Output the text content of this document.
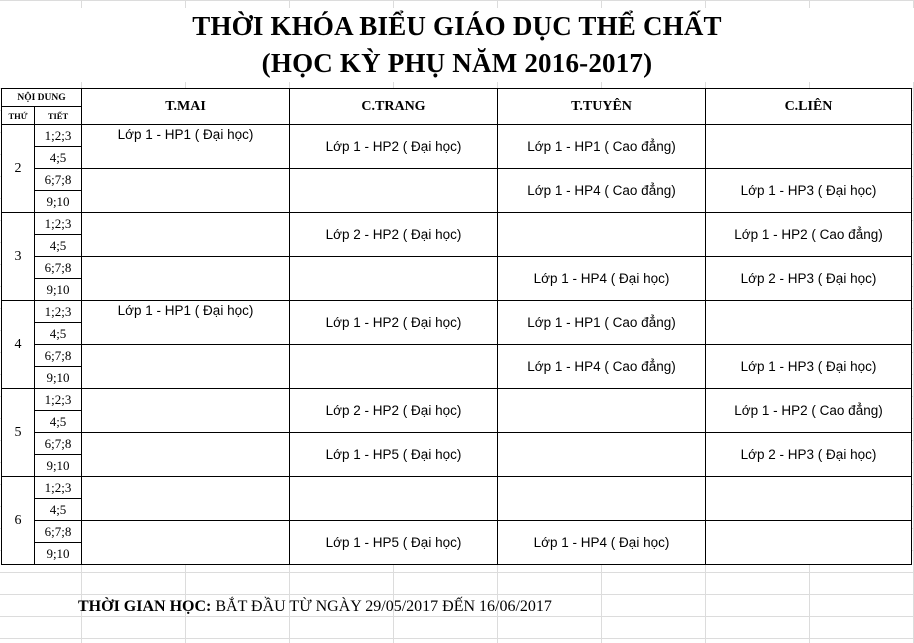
THỜI KHÓA BIỂU GIÁO DỤC THỂ CHẤT
(HỌC KỲ PHỤ NĂM 2016-2017)
NỘI DUNG		T.MAI	C.TRANG	T.TUYÊN	C.LIÊN
THỨ	TIẾT				
2	1;2;3	Lớp 1 - HP1 ( Đại học)	Lớp 1 - HP2 ( Đại học)	Lớp 1 - HP1 ( Cao đẳng)	
	4;5				
	6;7;8			Lớp 1 - HP4 ( Cao đẳng)	Lớp 1 - HP3 ( Đại học)
	9;10				
3	1;2;3		Lớp 2 - HP2 ( Đại học)		Lớp 1 - HP2 ( Cao đẳng)
	4;5				
	6;7;8			Lớp 1 - HP4 ( Đại học)	Lớp 2 - HP3 ( Đại học)
	9;10				
4	1;2;3	Lớp 1 - HP1 ( Đại học)	Lớp 1 - HP2 ( Đại học)	Lớp 1 - HP1 ( Cao đẳng)	
	4;5				
	6;7;8			Lớp 1 - HP4 ( Cao đẳng)	Lớp 1 - HP3 ( Đại học)
	9;10				
5	1;2;3		Lớp 2 - HP2 ( Đại học)		Lớp 1 - HP2 ( Cao đẳng)
	4;5				
	6;7;8		Lớp 1 - HP5 ( Đại học)		Lớp 2 - HP3 ( Đại học)
	9;10				
6	1;2;3				
	4;5				
	6;7;8		Lớp 1 - HP5 ( Đại học)	Lớp 1 - HP4 ( Đại học)	
	9;10				
THỜI GIAN HỌC: BẮT ĐẦU TỪ NGÀY 29/05/2017 ĐẾN 16/06/2017
